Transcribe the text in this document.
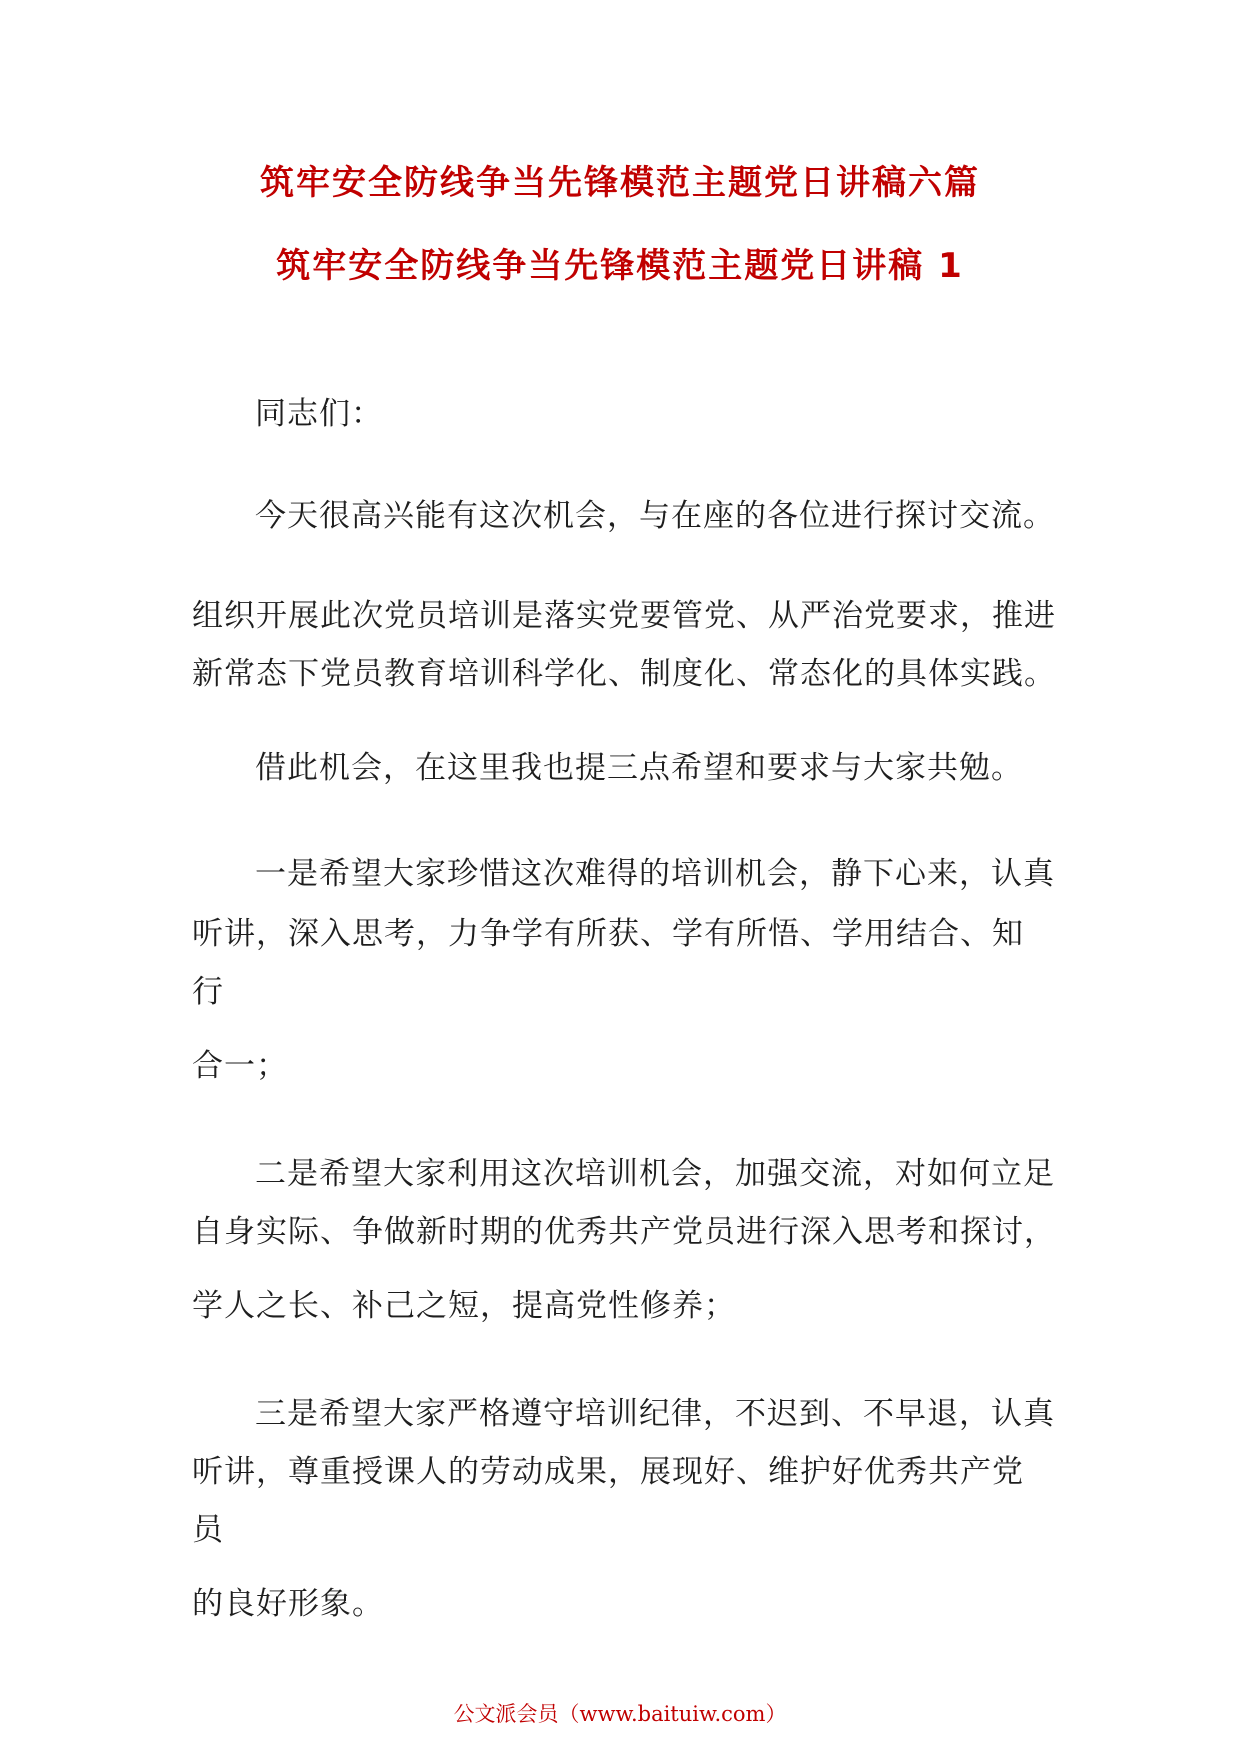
筑牢安全防线争当先锋模范主题党日讲稿六篇
筑牢安全防线争当先锋模范主题党日讲稿 1
同志们：
今天很高兴能有这次机会，与在座的各位进行探讨交流。
组织开展此次党员培训是落实党要管党、从严治党要求，推进
新常态下党员教育培训科学化、制度化、常态化的具体实践。
借此机会，在这里我也提三点希望和要求与大家共勉。
一是希望大家珍惜这次难得的培训机会，静下心来，认真
听讲，深入思考，力争学有所获、学有所悟、学用结合、知
行
合一；
二是希望大家利用这次培训机会，加强交流，对如何立足
自身实际、争做新时期的优秀共产党员进行深入思考和探讨，
学人之长、补己之短，提高党性修养；
三是希望大家严格遵守培训纪律，不迟到、不早退，认真
听讲，尊重授课人的劳动成果，展现好、维护好优秀共产党
员
的良好形象。
公文派会员（www.baituiw.com）
